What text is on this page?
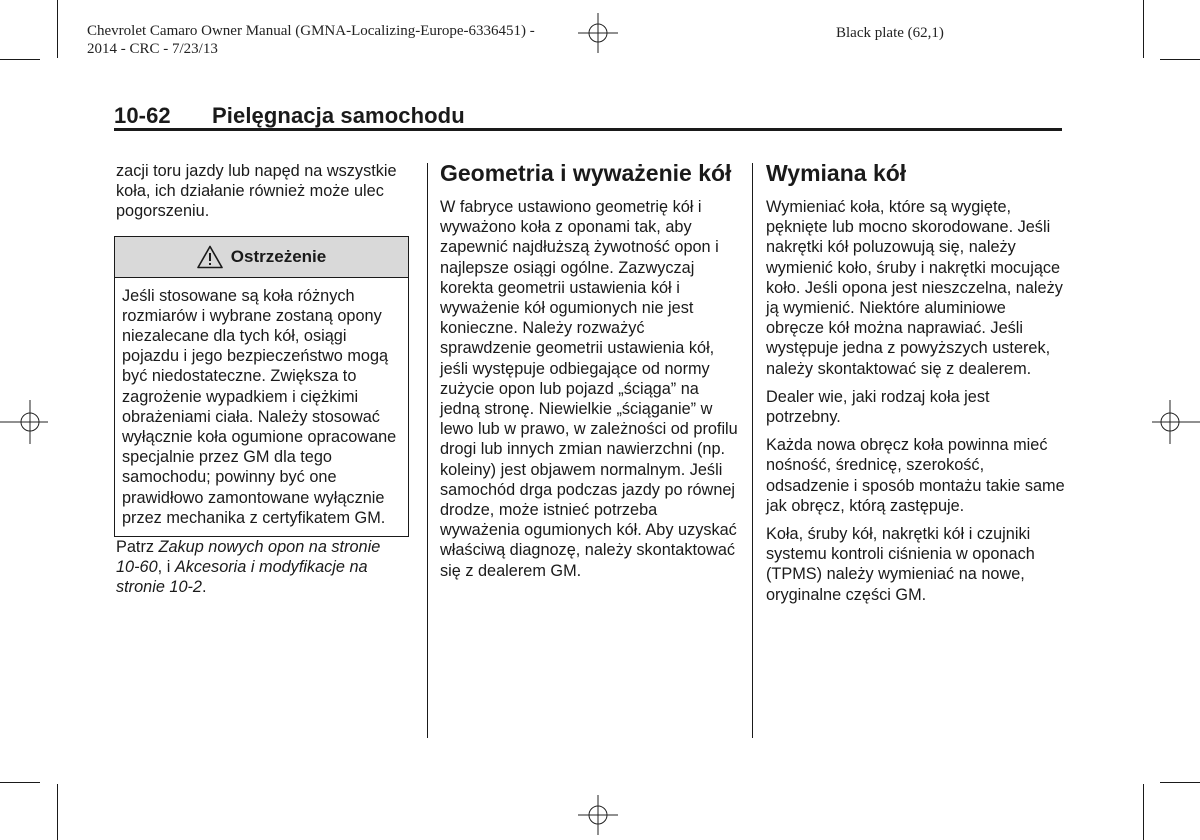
Chevrolet Camaro Owner Manual (GMNA-Localizing-Europe-6336451) -
2014 - CRC - 7/23/13
Black plate (62,1)
10-62 Pielęgnacja samochodu

zacji toru jazdy lub napęd na wszystkie koła, ich działanie również może ulec pogorszeniu.

Ostrzeżenie
Jeśli stosowane są koła różnych rozmiarów i wybrane zostaną opony niezalecane dla tych kół, osiągi pojazdu i jego bezpieczeństwo mogą być niedostateczne. Zwiększa to zagrożenie wypadkiem i ciężkimi obrażeniami ciała. Należy stosować wyłącznie koła ogumione opracowane specjalnie przez GM dla tego samochodu; powinny być one prawidłowo zamontowane wyłącznie przez mechanika z certyfikatem GM.

Patrz Zakup nowych opon na stronie 10-60, i Akcesoria i modyfikacje na stronie 10-2.

Geometria i wyważenie kół

W fabryce ustawiono geometrię kół i wyważono koła z oponami tak, aby zapewnić najdłuższą żywotność opon i najlepsze osiągi ogólne. Zazwyczaj korekta geometrii ustawienia kół i wyważenie kół ogumionych nie jest konieczne. Należy rozważyć sprawdzenie geometrii ustawienia kół, jeśli występuje odbiegające od normy zużycie opon lub pojazd „ściąga” na jedną stronę. Niewielkie „ściąganie” w lewo lub w prawo, w zależności od profilu drogi lub innych zmian nawierzchni (np. koleiny) jest objawem normalnym. Jeśli samochód drga podczas jazdy po równej drodze, może istnieć potrzeba wyważenia ogumionych kół. Aby uzyskać właściwą diagnozę, należy skontaktować się z dealerem GM.

Wymiana kół

Wymieniać koła, które są wygięte, pęknięte lub mocno skorodowane. Jeśli nakrętki kół poluzowują się, należy wymienić koło, śruby i nakrętki mocujące koło. Jeśli opona jest nieszczelna, należy ją wymienić. Niektóre aluminiowe obręcze kół można naprawiać. Jeśli występuje jedna z powyższych usterek, należy skontaktować się z dealerem.

Dealer wie, jaki rodzaj koła jest potrzebny.

Każda nowa obręcz koła powinna mieć nośność, średnicę, szerokość, odsadzenie i sposób montażu takie same jak obręcz, którą zastępuje.

Koła, śruby kół, nakrętki kół i czujniki systemu kontroli ciśnienia w oponach (TPMS) należy wymieniać na nowe, oryginalne części GM.
